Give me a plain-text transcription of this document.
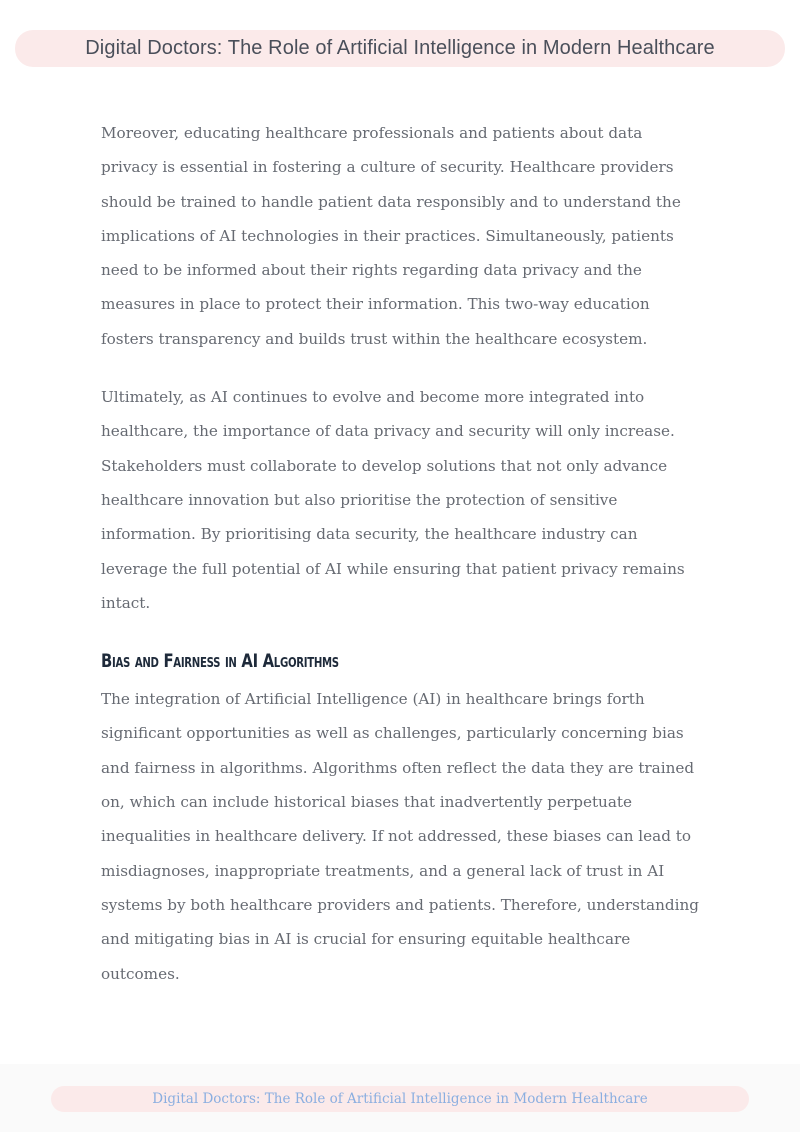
Digital Doctors: The Role of Artificial Intelligence in Modern Healthcare

Moreover, educating healthcare professionals and patients about data privacy is essential in fostering a culture of security. Healthcare providers should be trained to handle patient data responsibly and to understand the implications of AI technologies in their practices. Simultaneously, patients need to be informed about their rights regarding data privacy and the measures in place to protect their information. This two-way education fosters transparency and builds trust within the healthcare ecosystem.

Ultimately, as AI continues to evolve and become more integrated into healthcare, the importance of data privacy and security will only increase. Stakeholders must collaborate to develop solutions that not only advance healthcare innovation but also prioritise the protection of sensitive information. By prioritising data security, the healthcare industry can leverage the full potential of AI while ensuring that patient privacy remains intact.

Bias and Fairness in AI Algorithms

The integration of Artificial Intelligence (AI) in healthcare brings forth significant opportunities as well as challenges, particularly concerning bias and fairness in algorithms. Algorithms often reflect the data they are trained on, which can include historical biases that inadvertently perpetuate inequalities in healthcare delivery. If not addressed, these biases can lead to misdiagnoses, inappropriate treatments, and a general lack of trust in AI systems by both healthcare providers and patients. Therefore, understanding and mitigating bias in AI is crucial for ensuring equitable healthcare outcomes.

Digital Doctors: The Role of Artificial Intelligence in Modern Healthcare
